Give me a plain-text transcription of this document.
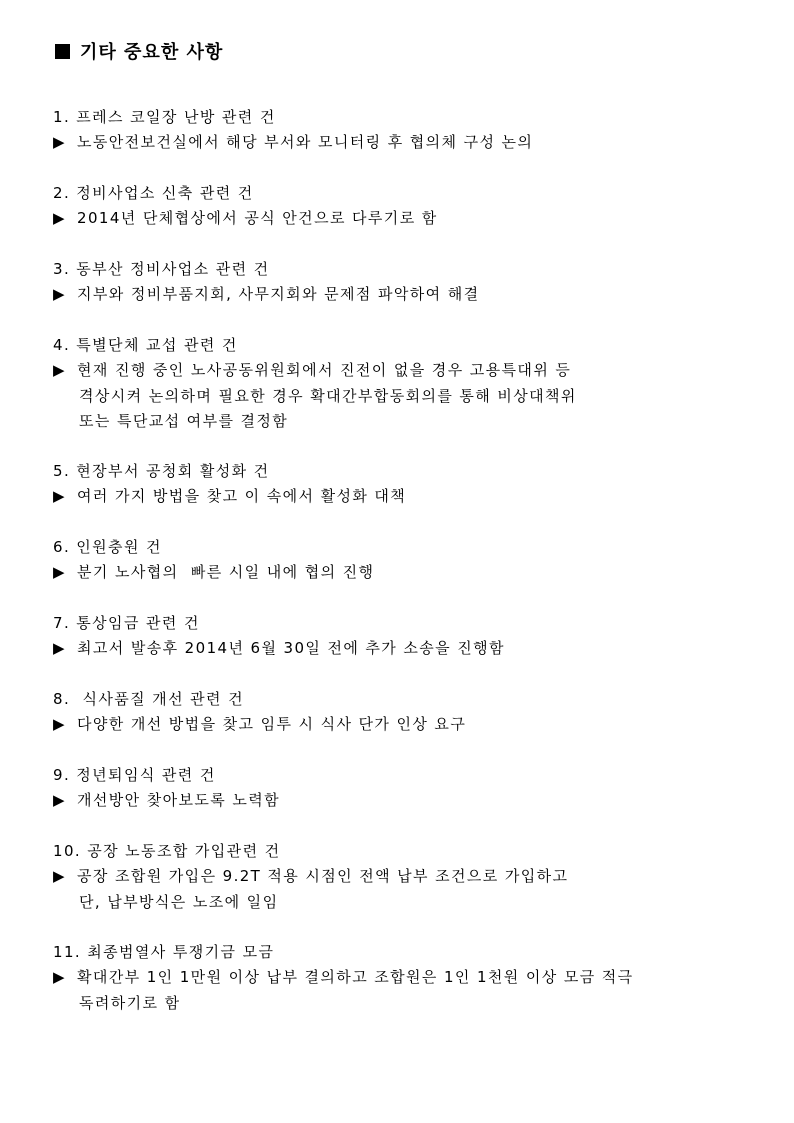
기타 중요한 사항
1. 프레스 코일장 난방 관련 건
▶ 노동안전보건실에서 해당 부서와 모니터링 후 협의체 구성 논의
2. 정비사업소 신축 관련 건
▶ 2014년 단체협상에서 공식 안건으로 다루기로 함
3. 동부산 정비사업소 관련 건
▶ 지부와 정비부품지회, 사무지회와 문제점 파악하여 해결
4. 특별단체 교섭 관련 건
▶ 현재 진행 중인 노사공동위원회에서 진전이 없을 경우 고용특대위 등
격상시켜 논의하며 필요한 경우 확대간부합동회의를 통해 비상대책위
또는 특단교섭 여부를 결정함
5. 현장부서 공청회 활성화 건
▶ 여러 가지 방법을 찾고 이 속에서 활성화 대책
6. 인원충원 건
▶ 분기 노사협의  빠른 시일 내에 협의 진행
7. 통상임금 관련 건
▶ 최고서 발송후 2014년 6월 30일 전에 추가 소송을 진행함
8.  식사품질 개선 관련 건
▶ 다양한 개선 방법을 찾고 임투 시 식사 단가 인상 요구
9. 정년퇴임식 관련 건
▶ 개선방안 찾아보도록 노력함
10. 공장 노동조합 가입관련 건
▶ 공장 조합원 가입은 9.2T 적용 시점인 전액 납부 조건으로 가입하고
단, 납부방식은 노조에 일임
11. 최종범열사 투쟁기금 모금
▶ 확대간부 1인 1만원 이상 납부 결의하고 조합원은 1인 1천원 이상 모금 적극
독려하기로 함
